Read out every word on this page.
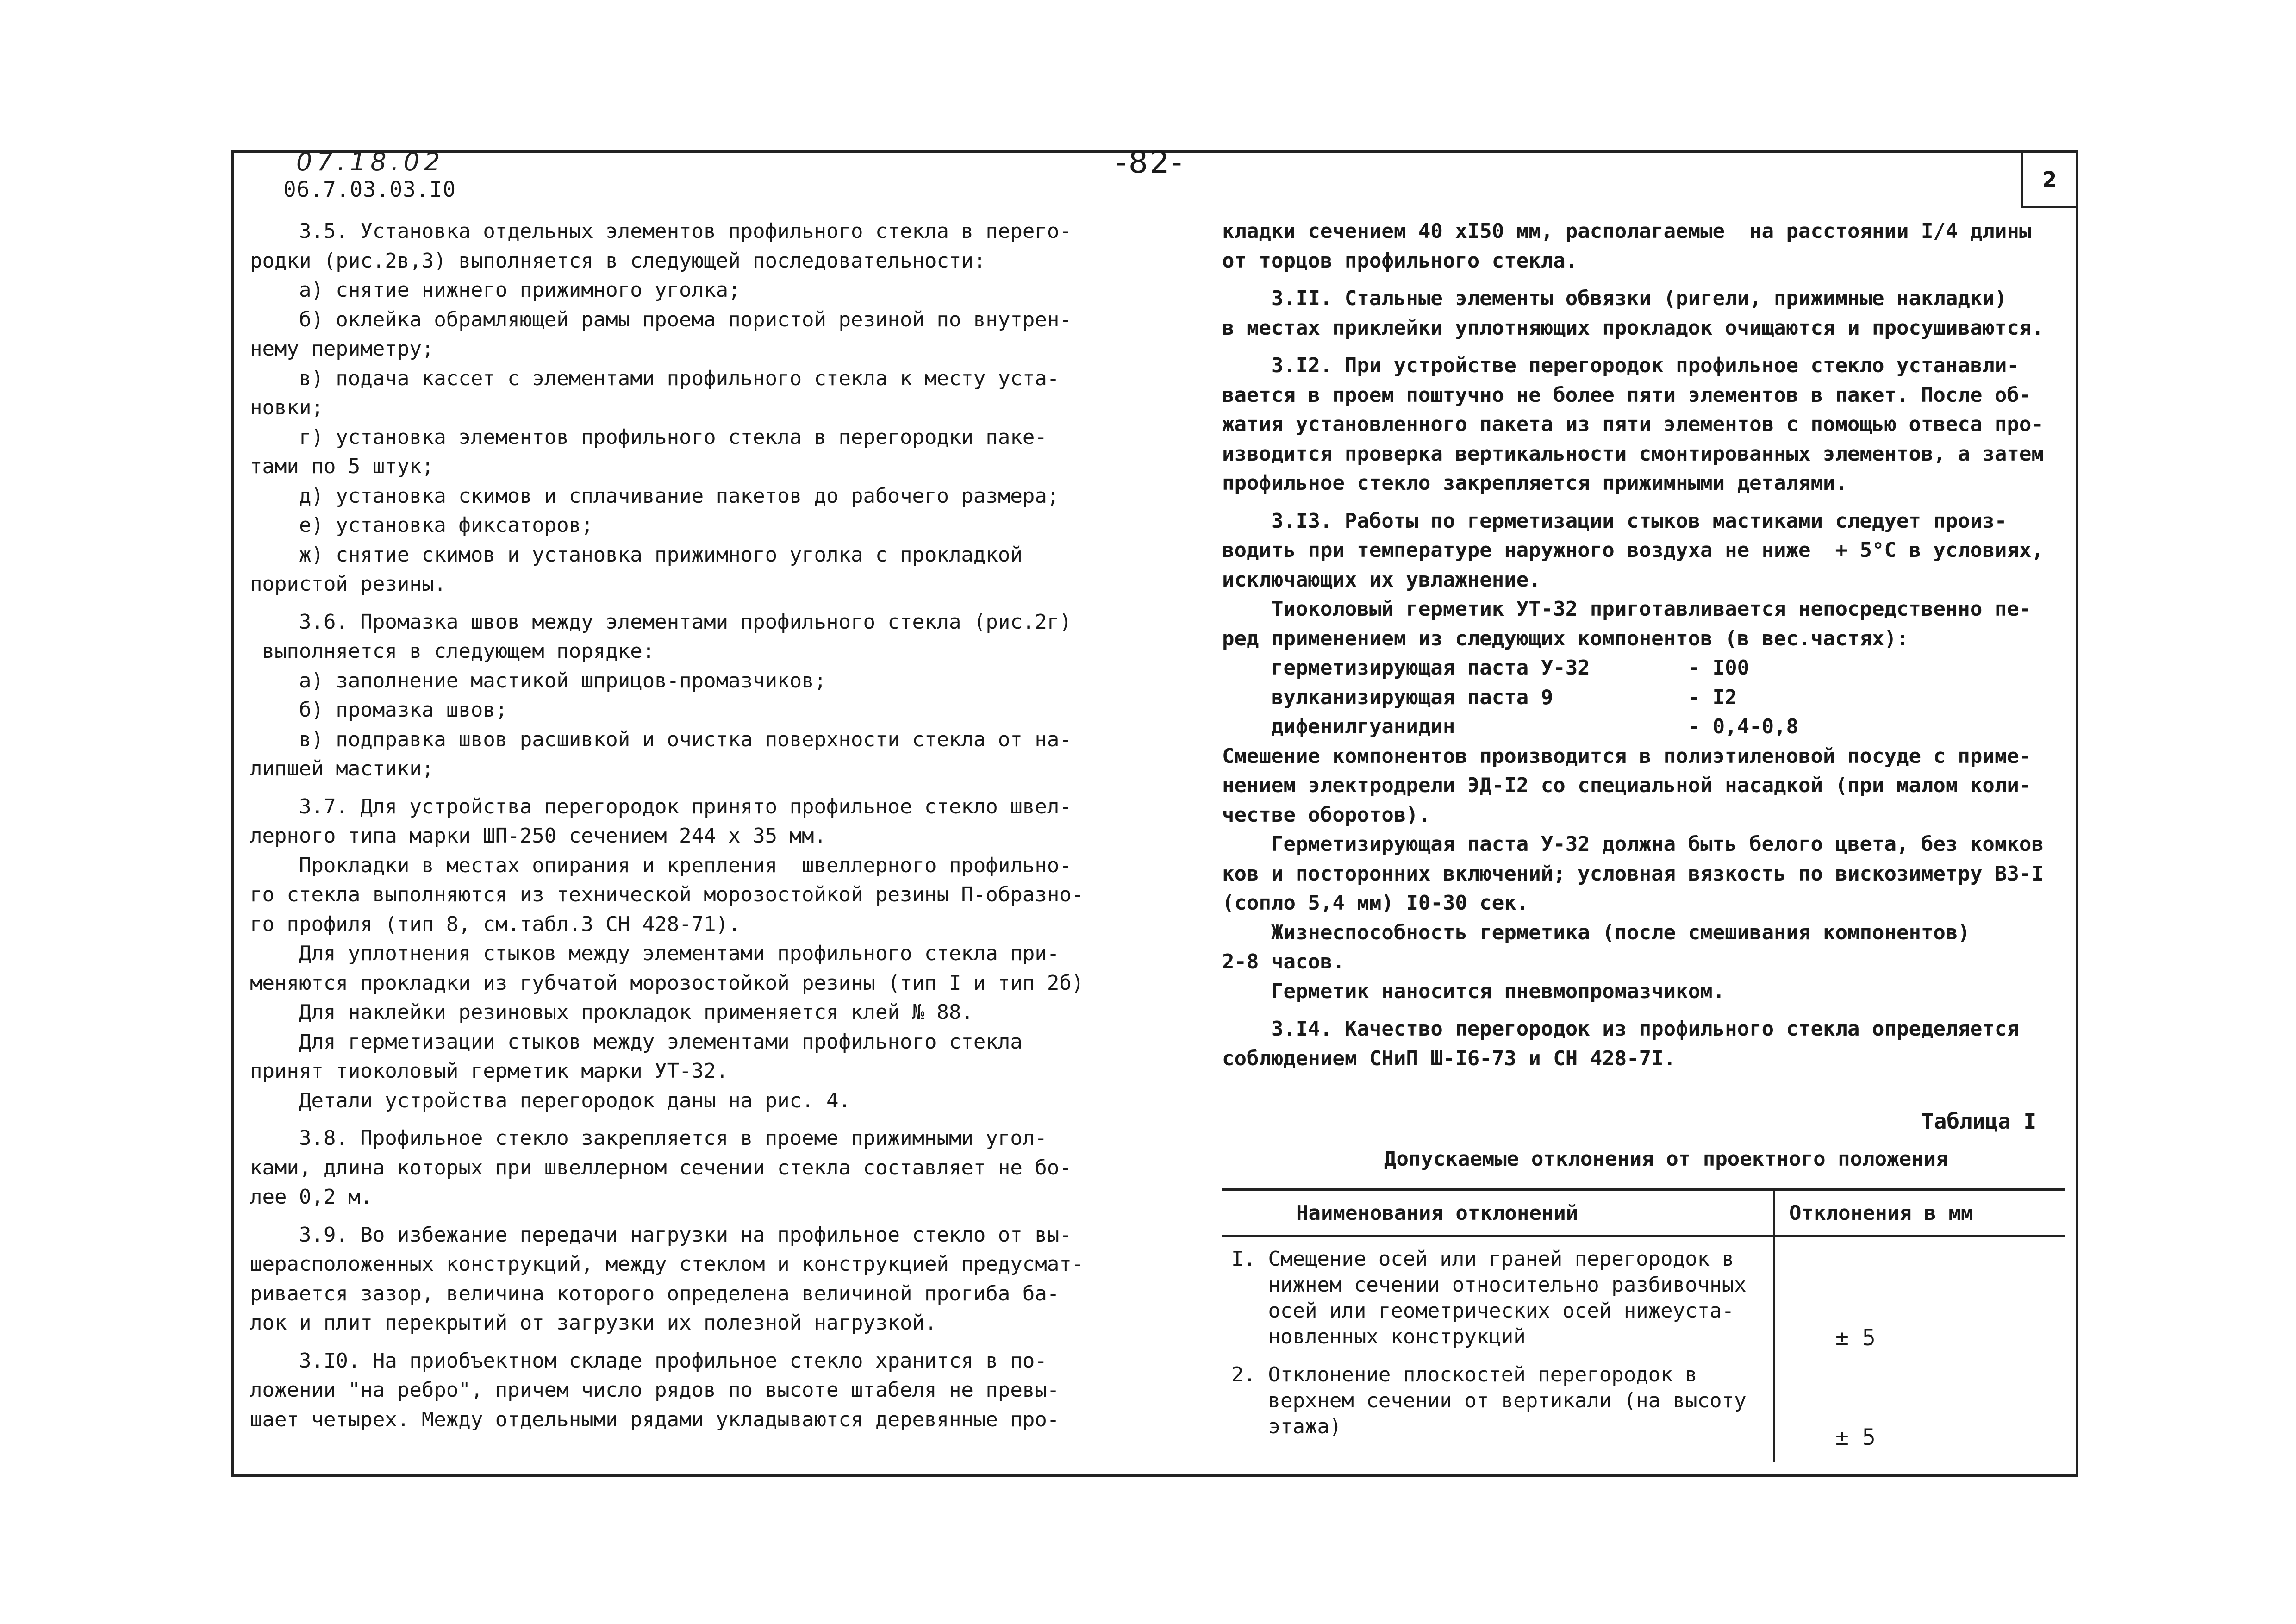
2
07.18.02
06.7.03.03.I0
-82-
3.5. Установка отдельных элементов профильного стекла в перего-
родки (рис.2в,3) выполняется в следующей последовательности:
а) снятие нижнего прижимного уголка;
б) оклейка обрамляющей рамы проема пористой резиной по внутрен-
нему периметру;
в) подача кассет с элементами профильного стекла к месту уста-
новки;
г) установка элементов профильного стекла в перегородки паке-
тами по 5 штук;
д) установка скимов и сплачивание пакетов до рабочего размера;
е) установка фиксаторов;
ж) снятие скимов и установка прижимного уголка с прокладкой
пористой резины.
3.6. Промазка швов между элементами профильного стекла (рис.2г)
выполняется в следующем порядке:
а) заполнение мастикой шприцов-промазчиков;
б) промазка швов;
в) подправка швов расшивкой и очистка поверхности стекла от на-
липшей мастики;
3.7. Для устройства перегородок принято профильное стекло швел-
лерного типа марки ШП-250 сечением 244 х 35 мм.
Прокладки в местах опирания и крепления  швеллерного профильно-
го стекла выполняются из технической морозостойкой резины П-образно-
го профиля (тип 8, см.табл.3 СН 428-71).
Для уплотнения стыков между элементами профильного стекла при-
меняются прокладки из губчатой морозостойкой резины (тип I и тип 2б)
Для наклейки резиновых прокладок применяется клей № 88.
Для герметизации стыков между элементами профильного стекла
принят тиоколовый герметик марки УТ-32.
Детали устройства перегородок даны на рис. 4.
3.8. Профильное стекло закрепляется в проеме прижимными угол-
ками, длина которых при швеллерном сечении стекла составляет не бо-
лее 0,2 м.
3.9. Во избежание передачи нагрузки на профильное стекло от вы-
шерасположенных конструкций, между стеклом и конструкцией предусмат-
ривается зазор, величина которого определена величиной прогиба ба-
лок и плит перекрытий от загрузки их полезной нагрузкой.
3.I0. На приобъектном складе профильное стекло хранится в по-
ложении "на ребро", причем число рядов по высоте штабеля не превы-
шает четырех. Между отдельными рядами укладываются деревянные про-
кладки сечением 40 хI50 мм, располагаемые  на расстоянии I/4 длины
от торцов профильного стекла.
3.II. Стальные элементы обвязки (ригели, прижимные накладки)
в местах приклейки уплотняющих прокладок очищаются и просушиваются.
3.I2. При устройстве перегородок профильное стекло устанавли-
вается в проем поштучно не более пяти элементов в пакет. После об-
жатия установленного пакета из пяти элементов с помощью отвеса про-
изводится проверка вертикальности смонтированных элементов, а затем
профильное стекло закрепляется прижимными деталями.
3.I3. Работы по герметизации стыков мастиками следует произ-
водить при температуре наружного воздуха не ниже  + 5°С в условиях,
исключающих их увлажнение.
Тиоколовый герметик УТ-32 приготавливается непосредственно пе-
ред применением из следующих компонентов (в вес.частях):
герметизирующая паста У-32        - I00
вулканизирующая паста 9           - I2
дифенилгуанидин                   - 0,4-0,8
Смешение компонентов производится в полиэтиленовой посуде с приме-
нением электродрели ЭД-I2 со специальной насадкой (при малом коли-
честве оборотов).
Герметизирующая паста У-32 должна быть белого цвета, без комков
ков и посторонних включений; условная вязкость по вискозиметру ВЗ-I
(сопло 5,4 мм) I0-30 сек.
Жизнеспособность герметика (после смешивания компонентов)
2-8 часов.
Герметик наносится пневмопромазчиком.
3.I4. Качество перегородок из профильного стекла определяется
соблюдением СНиП Ш-I6-73 и СН 428-7I.
Таблица I
Допускаемые отклонения от проектного положения
Наименования отклонений	Отклонения в мм
I. Смещение осей или граней перегородок в
нижнем сечении относительно разбивочных
осей или геометрических осей нижеуста-
новленных конструкций	± 5
2. Отклонение плоскостей перегородок в
верхнем сечении от вертикали (на высоту
этажа)	± 5
